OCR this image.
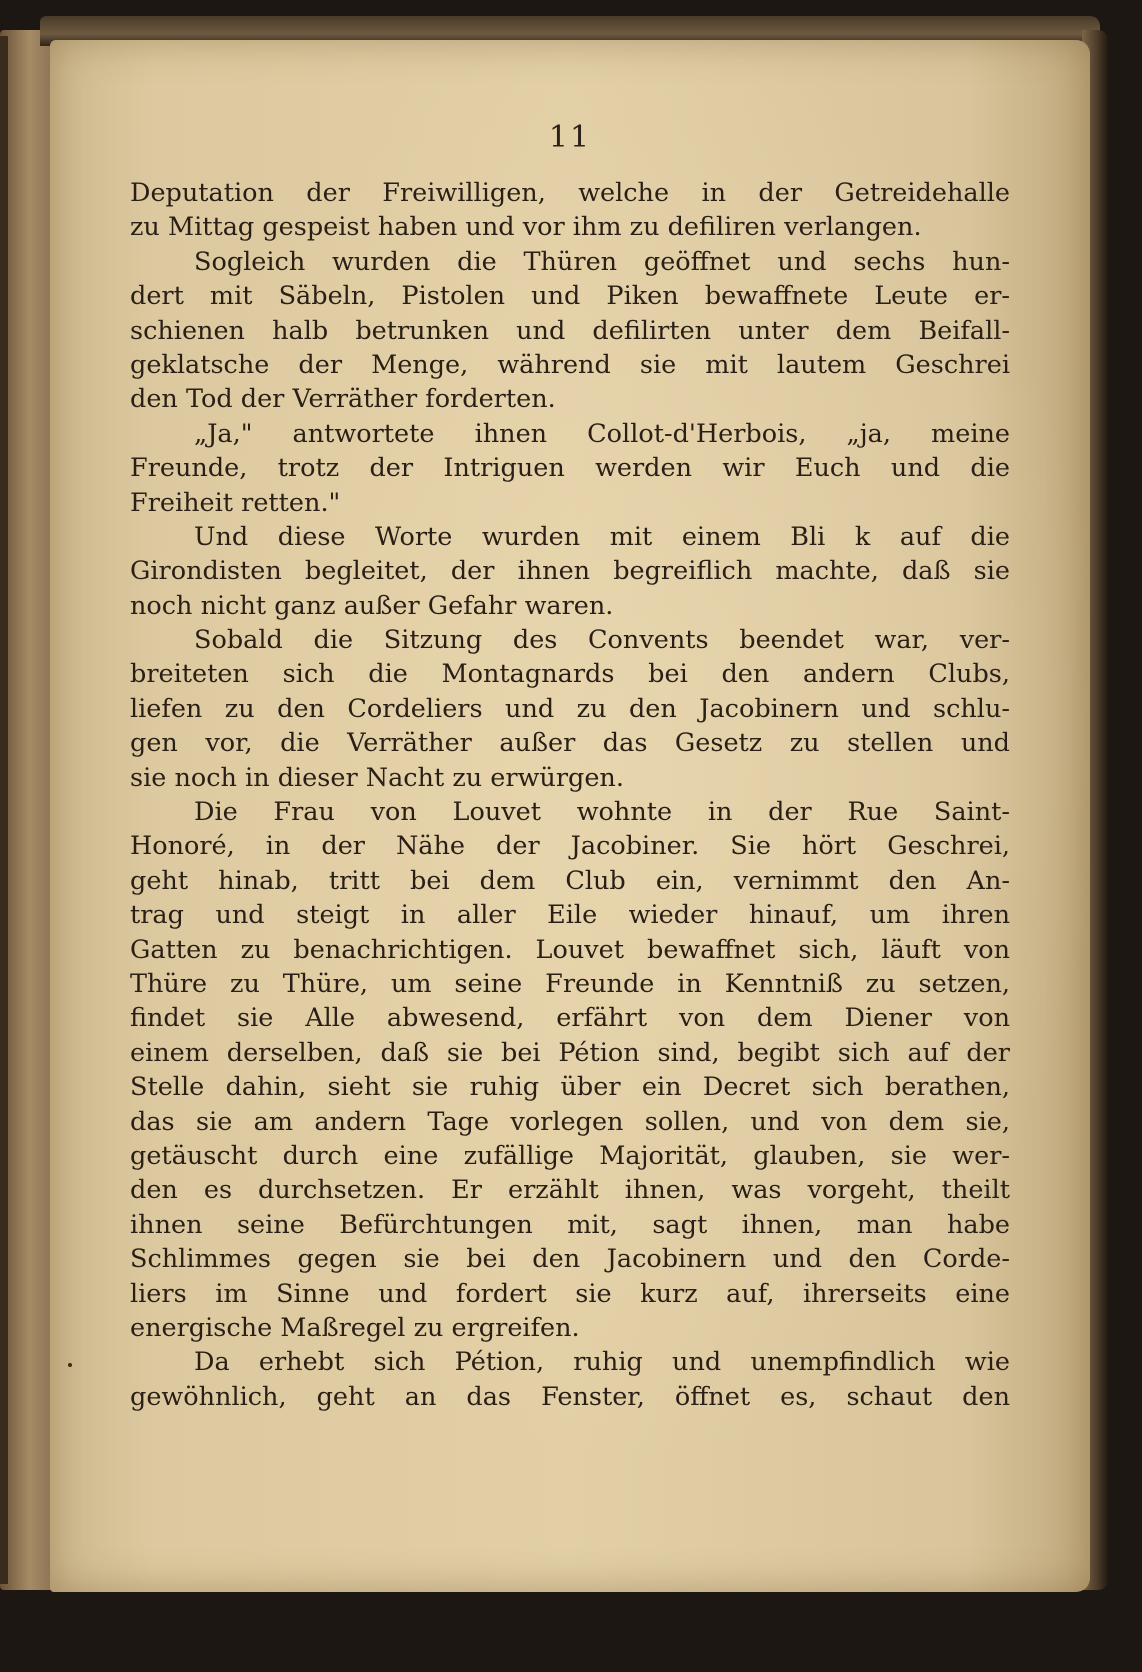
11
Deputation der Freiwilligen, welche in der Getreidehalle
zu Mittag gespeist haben und vor ihm zu defiliren verlangen.
Sogleich wurden die Thüren geöffnet und sechs hun-
dert mit Säbeln, Pistolen und Piken bewaffnete Leute er-
schienen halb betrunken und defilirten unter dem Beifall-
geklatsche der Menge, während sie mit lautem Geschrei
den Tod der Verräther forderten.
„Ja," antwortete ihnen Collot-d'Herbois, „ja, meine
Freunde, trotz der Intriguen werden wir Euch und die
Freiheit retten."
Und diese Worte wurden mit einem Bli k auf die
Girondisten begleitet, der ihnen begreiflich machte, daß sie
noch nicht ganz außer Gefahr waren.
Sobald die Sitzung des Convents beendet war, ver-
breiteten sich die Montagnards bei den andern Clubs,
liefen zu den Cordeliers und zu den Jacobinern und schlu-
gen vor, die Verräther außer das Gesetz zu stellen und
sie noch in dieser Nacht zu erwürgen.
Die Frau von Louvet wohnte in der Rue Saint-
Honoré, in der Nähe der Jacobiner. Sie hört Geschrei,
geht hinab, tritt bei dem Club ein, vernimmt den An-
trag und steigt in aller Eile wieder hinauf, um ihren
Gatten zu benachrichtigen. Louvet bewaffnet sich, läuft von
Thüre zu Thüre, um seine Freunde in Kenntniß zu setzen,
findet sie Alle abwesend, erfährt von dem Diener von
einem derselben, daß sie bei Pétion sind, begibt sich auf der
Stelle dahin, sieht sie ruhig über ein Decret sich berathen,
das sie am andern Tage vorlegen sollen, und von dem sie,
getäuscht durch eine zufällige Majorität, glauben, sie wer-
den es durchsetzen. Er erzählt ihnen, was vorgeht, theilt
ihnen seine Befürchtungen mit, sagt ihnen, man habe
Schlimmes gegen sie bei den Jacobinern und den Corde-
liers im Sinne und fordert sie kurz auf, ihrerseits eine
energische Maßregel zu ergreifen.
Da erhebt sich Pétion, ruhig und unempfindlich wie
gewöhnlich, geht an das Fenster, öffnet es, schaut den
